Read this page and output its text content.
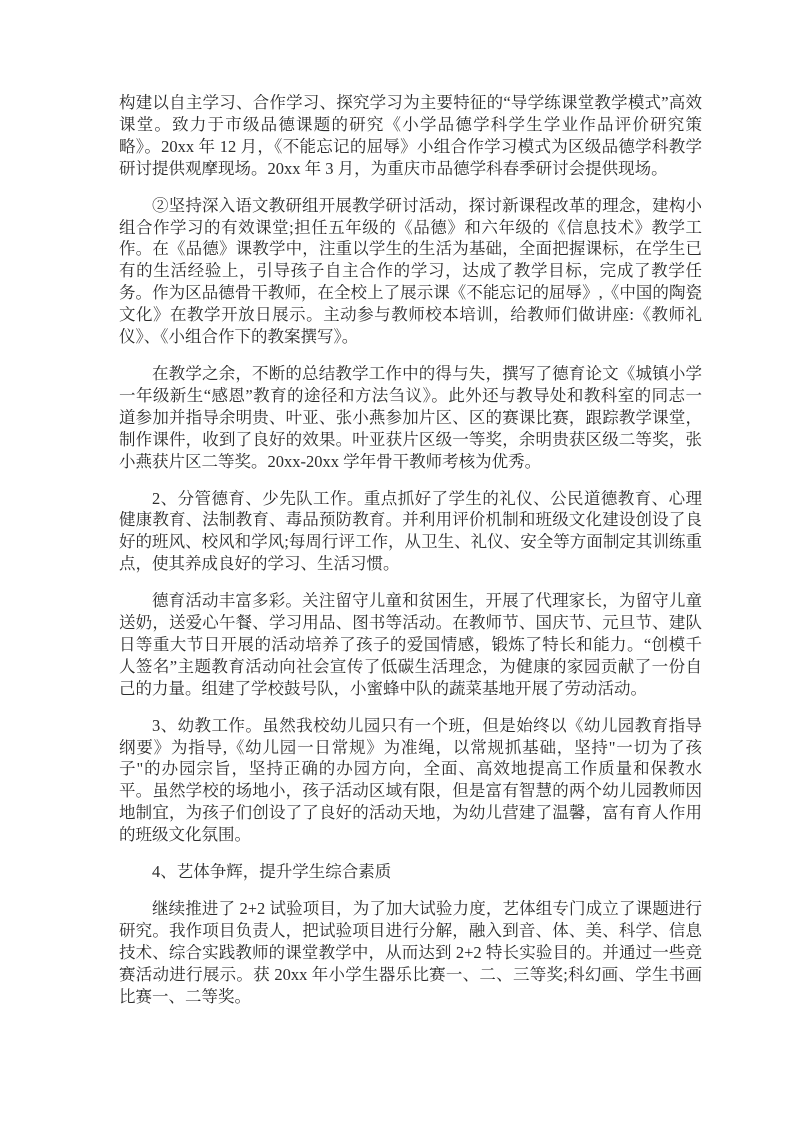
构建以自主学习、合作学习、探究学习为主要特征的“导学练课堂教学模式”高效课堂。致力于市级品德课题的研究《小学品德学科学生学业作品评价研究策略》。20xx 年 12 月，《不能忘记的屈辱》小组合作学习模式为区级品德学科教学研讨提供观摩现场。20xx 年 3 月，为重庆市品德学科春季研讨会提供现场。

②坚持深入语文教研组开展教学研讨活动，探讨新课程改革的理念，建构小组合作学习的有效课堂;担任五年级的《品德》和六年级的《信息技术》教学工作。在《品德》课教学中，注重以学生的生活为基础，全面把握课标，在学生已有的生活经验上，引导孩子自主合作的学习，达成了教学目标，完成了教学任务。作为区品德骨干教师，在全校上了展示课《不能忘记的屈辱》,《中国的陶瓷文化》在教学开放日展示。主动参与教师校本培训，给教师们做讲座:《教师礼仪》、《小组合作下的教案撰写》。

在教学之余，不断的总结教学工作中的得与失，撰写了德育论文《城镇小学一年级新生“感恩”教育的途径和方法刍议》。此外还与教导处和教科室的同志一道参加并指导余明贵、叶亚、张小燕参加片区、区的赛课比赛，跟踪教学课堂，制作课件，收到了良好的效果。叶亚获片区级一等奖，余明贵获区级二等奖，张小燕获片区二等奖。20xx-20xx 学年骨干教师考核为优秀。

2、分管德育、少先队工作。重点抓好了学生的礼仪、公民道德教育、心理健康教育、法制教育、毒品预防教育。并利用评价机制和班级文化建设创设了良好的班风、校风和学风;每周行评工作，从卫生、礼仪、安全等方面制定其训练重点，使其养成良好的学习、生活习惯。

德育活动丰富多彩。关注留守儿童和贫困生，开展了代理家长，为留守儿童送奶，送爱心午餐、学习用品、图书等活动。在教师节、国庆节、元旦节、建队日等重大节日开展的活动培养了孩子的爱国情感，锻炼了特长和能力。“创模千人签名”主题教育活动向社会宣传了低碳生活理念，为健康的家园贡献了一份自己的力量。组建了学校鼓号队，小蜜蜂中队的蔬菜基地开展了劳动活动。

3、幼教工作。虽然我校幼儿园只有一个班，但是始终以《幼儿园教育指导纲要》为指导,《幼儿园一日常规》为准绳，以常规抓基础，坚持"一切为了孩子"的办园宗旨，坚持正确的办园方向，全面、高效地提高工作质量和保教水平。虽然学校的场地小，孩子活动区域有限，但是富有智慧的两个幼儿园教师因地制宜，为孩子们创设了了良好的活动天地，为幼儿营建了温馨，富有育人作用的班级文化氛围。

4、艺体争辉，提升学生综合素质

继续推进了 2+2 试验项目，为了加大试验力度，艺体组专门成立了课题进行研究。我作项目负责人，把试验项目进行分解，融入到音、体、美、科学、信息技术、综合实践教师的课堂教学中，从而达到 2+2 特长实验目的。并通过一些竞赛活动进行展示。获 20xx 年小学生器乐比赛一、二、三等奖;科幻画、学生书画比赛一、二等奖。
